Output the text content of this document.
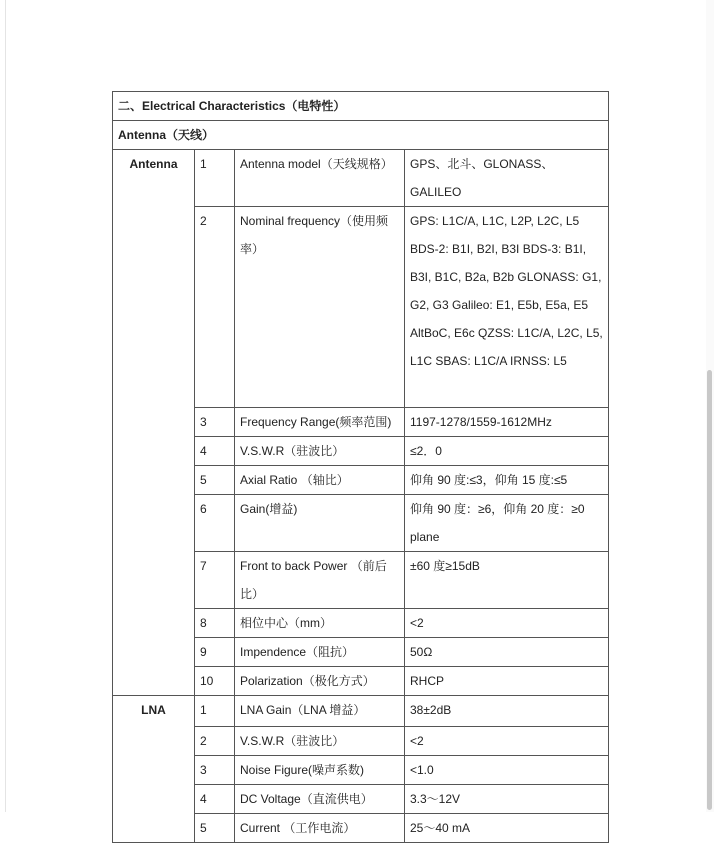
二、Electrical Characteristics（电特性）			
Antenna（天线）			
Antenna	1	Antenna model（天线规格）	GPS、北斗、GLONASS、GALILEO
	2	Nominal frequency（使用频率）	GPS: L1C/A, L1C, L2P, L2C, L5 BDS-2: B1I, B2I, B3I BDS-3: B1I, B3I, B1C, B2a, B2b GLONASS: G1, G2, G3 Galileo: E1, E5b, E5a, E5 AltBoC, E6c QZSS: L1C/A, L2C, L5, L1C SBAS: L1C/A IRNSS: L5
	3	Frequency Range(频率范围)	1197-1278/1559-1612MHz
	4	V.S.W.R（驻波比）	≤2．0
	5	Axial Ratio （轴比）	仰角 90 度:≤3，仰角 15 度:≤5
	6	Gain(增益)	仰角 90 度：≥6，仰角 20 度：≥0 plane
	7	Front to back Power （前后比）	±60 度≥15dB
	8	相位中心（mm）	<2
	9	Impendence（阻抗）	50Ω
	10	Polarization（极化方式）	RHCP
LNA	1	LNA Gain（LNA 增益）	38±2dB
	2	V.S.W.R（驻波比）	<2
	3	Noise Figure(噪声系数)	<1.0
	4	DC Voltage（直流供电）	3.3～12V
	5	Current （工作电流）	25～40 mA
